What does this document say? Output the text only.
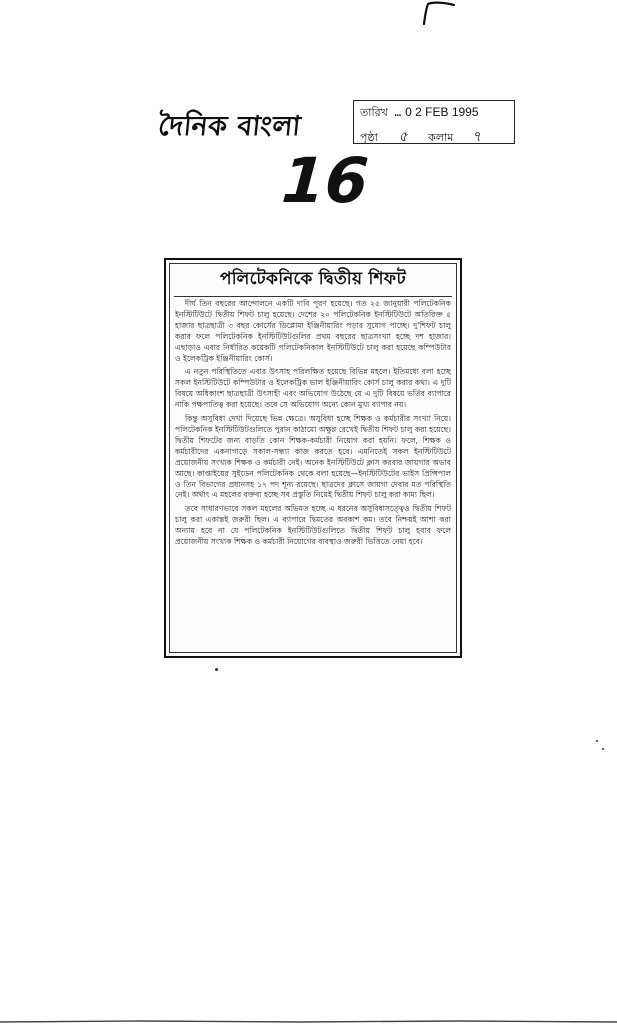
দৈনিক বাংলা	তারিখ … 0 2 FEB 1995
পৃষ্ঠা ৫ কলাম ৭
16
পলিটেকনিকে দ্বিতীয় শিফট

দীর্ঘ তিন বছরের আন্দোলনে একটি দাবি পূরণ হয়েছে। গত ২৫ জানুয়ারী পলিটেকনিক ইনস্টিটিউটে দ্বিতীয় শিফট চালু হয়েছে। দেশের ২০ পলিটেকনিক ইনস্টিটিউটে অতিরিক্ত ৫ হাজার ছাত্রছাত্রী ৩ বছর কোর্সের ডিপ্লোমা ইঞ্জিনীয়ারিং পড়ার সুযোগ পাচ্ছে। দু'শিফট চালু করার ফলে পলিটেকনিক ইনস্টিটিউটগুলির প্রথম বছরের ছাত্রসংখ্যা হচ্ছে দশ হাজার। এছাড়াও এবার নির্ধারিত কয়েকটি পলিটেকনিকাল ইনস্টিটিউটে চালু করা হয়েছে কম্পিউটার ও ইলেকট্রিক ইঞ্জিনীয়ারিং কোর্স।

এ নতুন পরিস্থিতিতে এবার উৎসাহ পরিলক্ষিত হয়েছে বিভিন্ন মহলে। ইতিমধ্যে বলা হচ্ছে সকল ইনস্টিটিউটে কম্পিউটার ও ইলেকট্রিক ভাল ইঞ্জিনীয়ারিং কোর্স চালু করার কথা। এ দুটি বিষয়ে অধিকাংশ ছাত্রছাত্রী উৎসাহী এবং অভিযোগ উঠেছে যে এ দুটি বিষয়ে ভর্তির ব্যাপারে নাকি পক্ষপাতিত্ব করা হয়েছে। তবে সে অভিযোগ অন্যে কোন মুখ্য ব্যাপার নয়।

কিন্তু অসুবিধা দেখা দিয়েছে ভিন্ন ক্ষেত্রে। অসুবিধা হচ্ছে শিক্ষক ও কর্মচারীর সংখ্যা নিয়ে। পলিটেকনিক ইনস্টিটিউটগুলিতে পুরান কাঠামো অক্ষুণ্ণ রেখেই দ্বিতীয় শিফট চালু করা হয়েছে। দ্বিতীয় শিফটের জন্য বাড়তি কোন শিক্ষক-কর্মচারী নিয়োগ করা হয়নি। ফলে, শিক্ষক ও কর্মচারীদের একনাগাড়ে সকাল-সন্ধ্যা কাজ করতে হবে। এমনিতেই সকল ইনস্টিটিউটে প্রয়োজনীয় সংখ্যক শিক্ষক ও কর্মচারী নেই। অনেক ইনস্টিটিউটে ক্লাস করবার জায়গার অভাব আছে। কাপ্তাইয়ের সুইডেন পলিটেকনিক থেকে বলা হয়েছে—ইনস্টিটিউটের ভাইস প্রিন্সিপাল ও তিন বিভাগের প্রধানসহ ১৭ পদ শূন্য রয়েছে। ছাত্রদের ক্লাসে জায়গা দেবার মত পরিস্থিতি নেই। অর্থাৎ এ মহলের বক্তব্য হচ্ছে সব প্রস্তুতি নিয়েই দ্বিতীয় শিফট চালু করা কাম্য ছিল।

তবে সাধারণভাবে সকল মহলের অভিমত হচ্ছে এ ধরনের অসুবিধাসত্ত্বেও দ্বিতীয় শিফট চালু করা একান্তই জরুরী ছিল। এ ব্যাপারে দ্বিমতের অবকাশ কম। তবে নিশ্চয়ই আশা করা অন্যায় হবে না যে পলিটেকনিক ইনস্টিটিউটগুলিতে দ্বিতীয় শিফট চালু হবার ফলে প্রয়োজনীয় সংখ্যক শিক্ষক ও কর্মচারী নিয়োগের ব্যবস্থাও জরুরী ভিত্তিতে নেয়া হবে।
